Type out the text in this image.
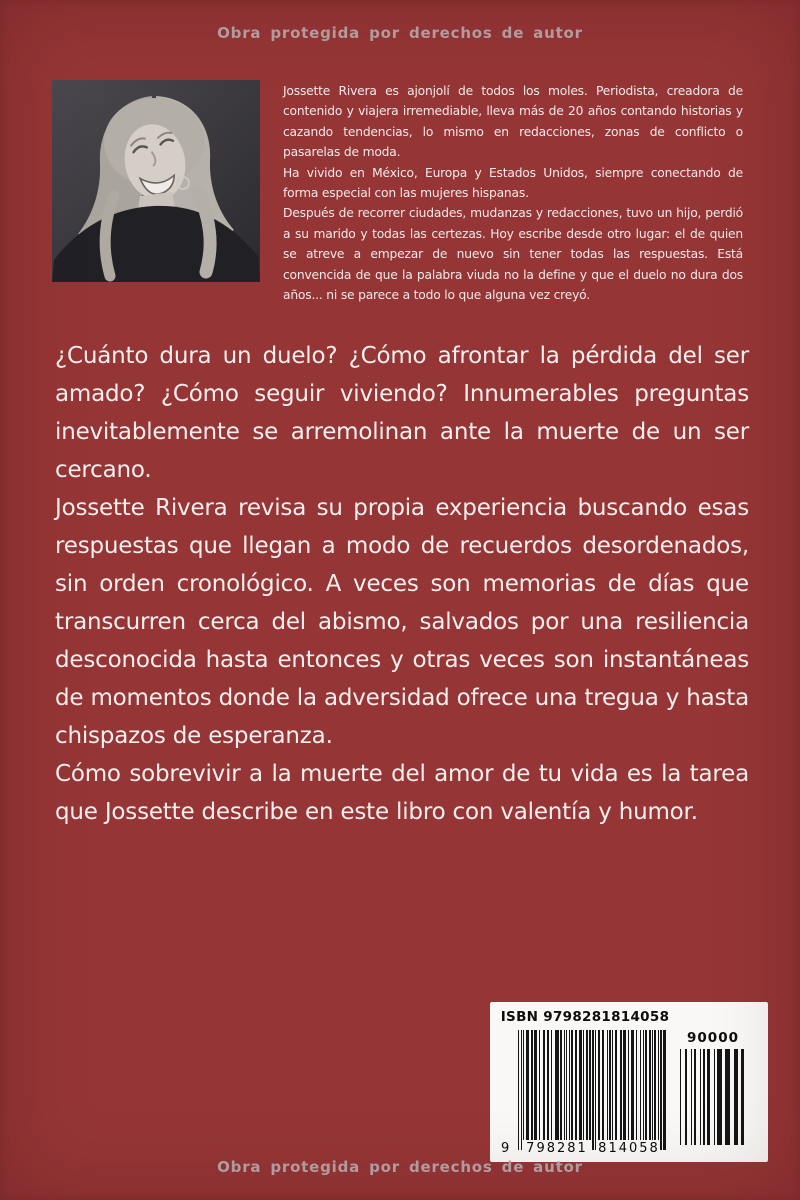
Obra protegida por derechos de autor

Jossette Rivera es ajonjolí de todos los moles. Periodista, creadora de contenido y viajera irremediable, lleva más de 20 años contando historias y cazando tendencias, lo mismo en redacciones, zonas de conflicto o pasarelas de moda.

Ha vivido en México, Europa y Estados Unidos, siempre conectando de forma especial con las mujeres hispanas.

Después de recorrer ciudades, mudanzas y redacciones, tuvo un hijo, perdió a su marido y todas las certezas. Hoy escribe desde otro lugar: el de quien se atreve a empezar de nuevo sin tener todas las respuestas. Está convencida de que la palabra viuda no la define y que el duelo no dura dos años... ni se parece a todo lo que alguna vez creyó.

¿Cuánto dura un duelo? ¿Cómo afrontar la pérdida del ser amado? ¿Cómo seguir viviendo? Innumerables preguntas inevitablemente se arremolinan ante la muerte de un ser cercano.

Jossette Rivera revisa su propia experiencia buscando esas respuestas que llegan a modo de recuerdos desordenados, sin orden cronológico. A veces son memorias de días que transcurren cerca del abismo, salvados por una resiliencia desconocida hasta entonces y otras veces son instantáneas de momentos donde la adversidad ofrece una tregua y hasta chispazos de esperanza.

Cómo sobrevivir a la muerte del amor de tu vida es la tarea que Jossette describe en este libro con valentía y humor.

ISBN 9798281814058
9 798281 814058
90000
Obra protegida por derechos de autor
